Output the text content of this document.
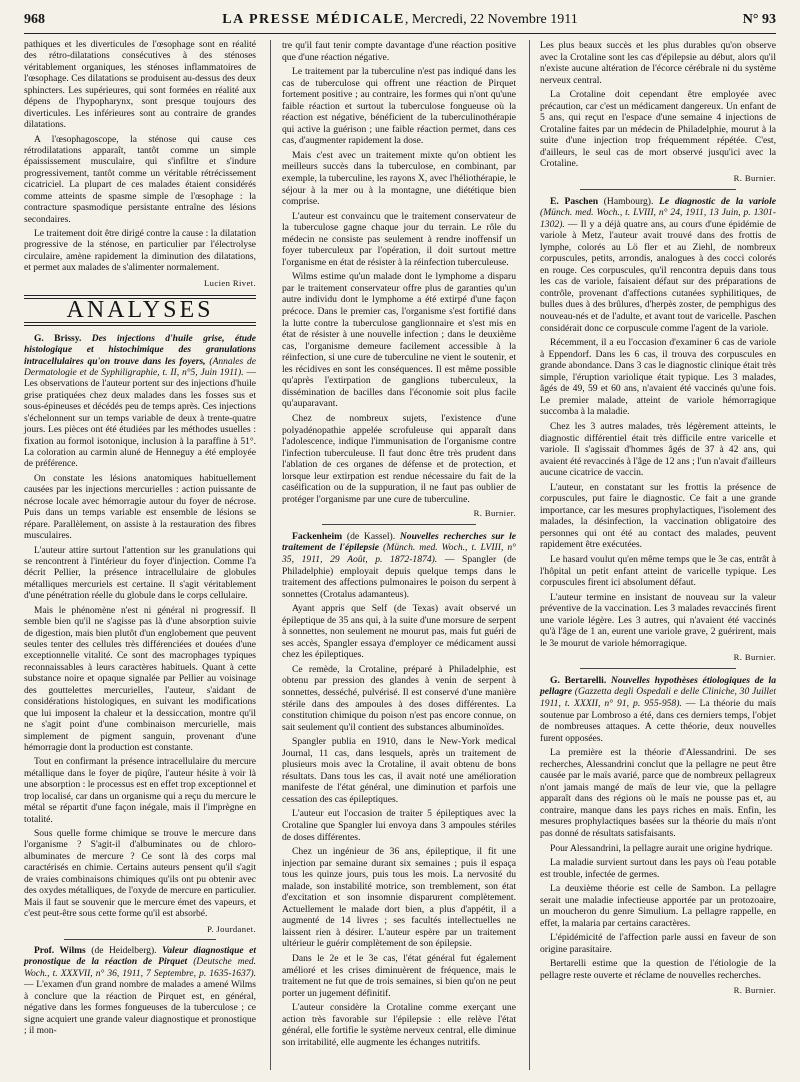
968	LA PRESSE MÉDICALE, Mercredi, 22 Novembre 1911	N° 93

pathiques et les diverticules de l'œsophage sont en réalité des rétro-dilatations consécutives à des sténoses véritablement organiques, les sténoses inflammatoires de l'œsophage. Ces dilatations se produisent au-dessus des deux sphincters. Les supérieures, qui sont formées en réalité aux dépens de l'hypopharynx, sont presque toujours des diverticules. Les inférieures sont au contraire de grandes dilatations.

A l'œsophagoscope, la sténose qui cause ces rétrodilatations apparaît, tantôt comme un simple épaississement musculaire, qui s'infiltre et s'indure progressivement, tantôt comme un véritable rétrécissement cicatriciel. La plupart de ces malades étaient considérés comme atteints de spasme simple de l'œsophage : la contracture spasmodique persistante entraîne des lésions secondaires.

Le traitement doit être dirigé contre la cause : la dilatation progressive de la sténose, en particulier par l'électrolyse circulaire, amène rapidement la diminution des dilatations, et permet aux malades de s'alimenter normalement.

Lucien Rivet.
ANALYSES
G. Brissy. Des injections d'huile grise, étude histologique et histochimique des granulations intracellulaires qu'on trouve dans les foyers, (Annales de Dermatologie et de Syphiligraphie, t. II, n°5, Juin 1911). — Les observations de l'auteur portent sur des injections d'huile grise pratiquées chez deux malades dans les fosses sus et sous-épineuses et décédés peu de temps après. Ces injections s'échelonnent sur un temps variable de deux à trente-quatre jours. Les pièces ont été étudiées par les méthodes usuelles : fixation au formol isotonique, inclusion à la paraffine à 51°. La coloration au carmin aluné de Henneguy a été employée de préférence.

On constate les lésions anatomiques habituellement causées par les injections mercurielles : action puissante de nécrose locale avec hémorragie autour du foyer de nécrose. Puis dans un temps variable est ensemble de lésions se répare. Parallèlement, on assiste à la restauration des fibres musculaires.

L'auteur attire surtout l'attention sur les granulations qui se rencontrent à l'intérieur du foyer d'injection. Comme l'a décrit Pellier, la présence intracellulaire de globules métalliques mercuriels est certaine. Il s'agit véritablement d'une pénétration réelle du globule dans le corps cellulaire.

Mais le phénomène n'est ni général ni progressif. Il semble bien qu'il ne s'agisse pas là d'une absorption suivie de digestion, mais bien plutôt d'un englobement que peuvent seules tenter des cellules très différenciées et douées d'une exceptionnelle vitalité. Ce sont des macrophages typiques reconnaissables à leurs caractères habituels. Quant à cette substance noire et opaque signalée par Pellier au voisinage des gouttelettes mercurielles, l'auteur, s'aidant de considérations histologiques, en suivant les modifications que lui imposent la chaleur et la dessiccation, montre qu'il ne s'agit point d'une combinaison mercurielle, mais simplement de pigment sanguin, provenant d'une hémorragie dont la production est constante.

Tout en confirmant la présence intracellulaire du mercure métallique dans le foyer de piqûre, l'auteur hésite à voir là une absorption : le processus est en effet trop exceptionnel et trop localisé, car dans un organisme qui a reçu du mercure le métal se répartit d'une façon inégale, mais il l'imprègne en totalité.

Sous quelle forme chimique se trouve le mercure dans l'organisme ? S'agit-il d'albuminates ou de chloro-albuminates de mercure ? Ce sont là des corps mal caractérisés en chimie. Certains auteurs pensent qu'il s'agit de vraies combinaisons chimiques qu'ils ont pu obtenir avec des oxydes métalliques, de l'oxyde de mercure en particulier. Mais il faut se souvenir que le mercure émet des vapeurs, et c'est peut-être sous cette forme qu'il est absorbé.

P. Jourdanet.
Prof. Wilms (de Heidelberg). Valeur diagnostique et pronostique de la réaction de Pirquet (Deutsche med. Woch., t. XXXVII, n° 36, 1911, 7 Septembre, p. 1635-1637). — L'examen d'un grand nombre de malades a amené Wilms à conclure que la réaction de Pirquet est, en général, négative dans les formes fongueuses de la tuberculose ; ce signe acquiert une grande valeur diagnostique et pronostique ; il mon-

tre qu'il faut tenir compte davantage d'une réaction positive que d'une réaction négative.

Le traitement par la tuberculine n'est pas indiqué dans les cas de tuberculose qui offrent une réaction de Pirquet fortement positive ; au contraire, les formes qui n'ont qu'une faible réaction et surtout la tuberculose fongueuse où la réaction est négative, bénéficient de la tuberculinothérapie qui active la guérison ; une faible réaction permet, dans ces cas, d'augmenter rapidement la dose.

Mais c'est avec un traitement mixte qu'on obtient les meilleurs succès dans la tuberculose, en combinant, par exemple, la tuberculine, les rayons X, avec l'héliothérapie, le séjour à la mer ou à la montagne, une diététique bien comprise.

L'auteur est convaincu que le traitement conservateur de la tuberculose gagne chaque jour du terrain. Le rôle du médecin ne consiste pas seulement à rendre inoffensif un foyer tuberculeux par l'opération, il doit surtout mettre l'organisme en état de résister à la réinfection tuberculeuse.

Wilms estime qu'un malade dont le lymphome a disparu par le traitement conservateur offre plus de garanties qu'un autre individu dont le lymphome a été extirpé d'une façon précoce. Dans le premier cas, l'organisme s'est fortifié dans la lutte contre la tuberculose ganglionnaire et s'est mis en état de résister à une nouvelle infection ; dans le deuxième cas, l'organisme demeure facilement accessible à la réinfection, si une cure de tuberculine ne vient le soutenir, et les récidives en sont les conséquences. Il est même possible qu'après l'extirpation de ganglions tuberculeux, la dissémination de bacilles dans l'économie soit plus facile qu'auparavant.

Chez de nombreux sujets, l'existence d'une polyadénopathie appelée scrofuleuse qui apparaît dans l'adolescence, indique l'immunisation de l'organisme contre l'infection tuberculeuse. Il faut donc être très prudent dans l'ablation de ces organes de défense et de protection, et lorsque leur extirpation est rendue nécessaire du fait de la caséification ou de la suppuration, il ne faut pas oublier de protéger l'organisme par une cure de tuberculine.

R. Burnier.
Fackenheim (de Kassel). Nouvelles recherches sur le traitement de l'épilepsie (Münch. med. Woch., t. LVIII, n° 35, 1911, 29 Août, p. 1872-1874). — Spangler (de Philadelphie) employait depuis quelque temps dans le traitement des affections pulmonaires le poison du serpent à sonnettes (Crotalus adamanteus).

Ayant appris que Self (de Texas) avait observé un épileptique de 35 ans qui, à la suite d'une morsure de serpent à sonnettes, non seulement ne mourut pas, mais fut guéri de ses accès, Spangler essaya d'employer ce médicament aussi chez les épileptiques.

Ce remède, la Crotaline, préparé à Philadelphie, est obtenu par pression des glandes à venin de serpent à sonnettes, desséché, pulvérisé. Il est conservé d'une manière stérile dans des ampoules à des doses différentes. La constitution chimique du poison n'est pas encore connue, on sait seulement qu'il contient des substances albuminoïdes.

Spangler publia en 1910, dans le New-York medical Journal, 11 cas, dans lesquels, après un traitement de plusieurs mois avec la Crotaline, il avait obtenu de bons résultats. Dans tous les cas, il avait noté une amélioration manifeste de l'état général, une diminution et parfois une cessation des cas épileptiques.

L'auteur eut l'occasion de traiter 5 épileptiques avec la Crotaline que Spangler lui envoya dans 3 ampoules stériles de doses différentes.

Chez un ingénieur de 36 ans, épileptique, il fit une injection par semaine durant six semaines ; puis il espaça tous les quinze jours, puis tous les mois. La nervosité du malade, son instabilité motrice, son tremblement, son état d'excitation et son insomnie disparurent complètement. Actuellement le malade dort bien, a plus d'appétit, il a augmenté de 14 livres ; ses facultés intellectuelles ne laissent rien à désirer. L'auteur espère par un traitement ultérieur le guérir complètement de son épilepsie.

Dans le 2e et le 3e cas, l'état général fut également amélioré et les crises diminuèrent de fréquence, mais le traitement ne fut que de trois semaines, si bien qu'on ne peut porter un jugement définitif.

L'auteur considère la Crotaline comme exerçant une action très favorable sur l'épilepsie : elle relève l'état général, elle fortifie le système nerveux central, elle diminue son irritabilité, elle augmente les échanges nutritifs.

Les plus beaux succès et les plus durables qu'on observe avec la Crotaline sont les cas d'épilepsie au début, alors qu'il n'existe aucune altération de l'écorce cérébrale ni du système nerveux central.

La Crotaline doit cependant être employée avec précaution, car c'est un médicament dangereux. Un enfant de 5 ans, qui reçut en l'espace d'une semaine 4 injections de Crotaline faites par un médecin de Philadelphie, mourut à la suite d'une injection trop fréquemment répétée. C'est, d'ailleurs, le seul cas de mort observé jusqu'ici avec la Crotaline.

R. Burnier.
E. Paschen (Hambourg). Le diagnostic de la variole (Münch. med. Woch., t. LVIII, n° 24, 1911, 13 Juin, p. 1301-1302). — Il y a déjà quatre ans, au cours d'une épidémie de variole à Metz, l'auteur avait trouvé dans des frottis de lymphe, colorés au Lö fler et au Ziehl, de nombreux corpuscules, petits, arrondis, analogues à des cocci colorés en rouge. Ces corpuscules, qu'il rencontra depuis dans tous les cas de variole, faisaient défaut sur des préparations de contrôle, provenant d'affections cutanées syphilitiques, de bulles dues à des brûlures, d'herpès zoster, de pemphigus des nouveau-nés et de l'adulte, et avant tout de varicelle. Paschen considérait donc ce corpuscule comme l'agent de la variole.

Récemment, il a eu l'occasion d'examiner 6 cas de variole à Eppendorf. Dans les 6 cas, il trouva des corpuscules en grande abondance. Dans 3 cas le diagnostic clinique était très simple, l'éruption variolique était typique. Les 3 malades, âgés de 49, 59 et 60 ans, n'avaient été vaccinés qu'une fois. Le premier malade, atteint de variole hémorragique succomba à la maladie.

Chez les 3 autres malades, très légèrement atteints, le diagnostic différentiel était très difficile entre varicelle et variole. Il s'agissait d'hommes âgés de 37 à 42 ans, qui avaient été revaccinés à l'âge de 12 ans ; l'un n'avait d'ailleurs aucune cicatrice de vaccin.

L'auteur, en constatant sur les frottis la présence de corpuscules, put faire le diagnostic. Ce fait a une grande importance, car les mesures prophylactiques, l'isolement des malades, la désinfection, la vaccination obligatoire des personnes qui ont été au contact des malades, peuvent rapidement être exécutées.

Le hasard voulut qu'en même temps que le 3e cas, entrât à l'hôpital un petit enfant atteint de varicelle typique. Les corpuscules firent ici absolument défaut.

L'auteur termine en insistant de nouveau sur la valeur préventive de la vaccination. Les 3 malades revaccinés firent une variole légère. Les 3 autres, qui n'avaient été vaccinés qu'à l'âge de 1 an, eurent une variole grave, 2 guérirent, mais le 3e mourut de variole hémorragique.

R. Burnier.
G. Bertarelli. Nouvelles hypothèses étiologiques de la pellagre (Gazzetta degli Ospedali e delle Cliniche, 30 Juillet 1911, t. XXXII, n° 91, p. 955-958). — La théorie du maïs soutenue par Lombroso a été, dans ces derniers temps, l'objet de nombreuses attaques. A cette théorie, deux nouvelles furent opposées.

La première est la théorie d'Alessandrini. De ses recherches, Alessandrini conclut que la pellagre ne peut être causée par le maïs avarié, parce que de nombreux pellagreux n'ont jamais mangé de maïs de leur vie, que la pellagre apparaît dans des régions où le maïs ne pousse pas et, au contraire, manque dans les pays riches en maïs. Enfin, les mesures prophylactiques basées sur la théorie du maïs n'ont pas donné de résultats satisfaisants.

Pour Alessandrini, la pellagre aurait une origine hydrique.

La maladie survient surtout dans les pays où l'eau potable est trouble, infectée de germes.

La deuxième théorie est celle de Sambon. La pellagre serait une maladie infectieuse apportée par un protozoaire, un moucheron du genre Simulium. La pellagre rappelle, en effet, la malaria par certains caractères.

L'épidémicité de l'affection parle aussi en faveur de son origine parasitaire.

Bertarelli estime que la question de l'étiologie de la pellagre reste ouverte et réclame de nouvelles recherches.

R. Burnier.
